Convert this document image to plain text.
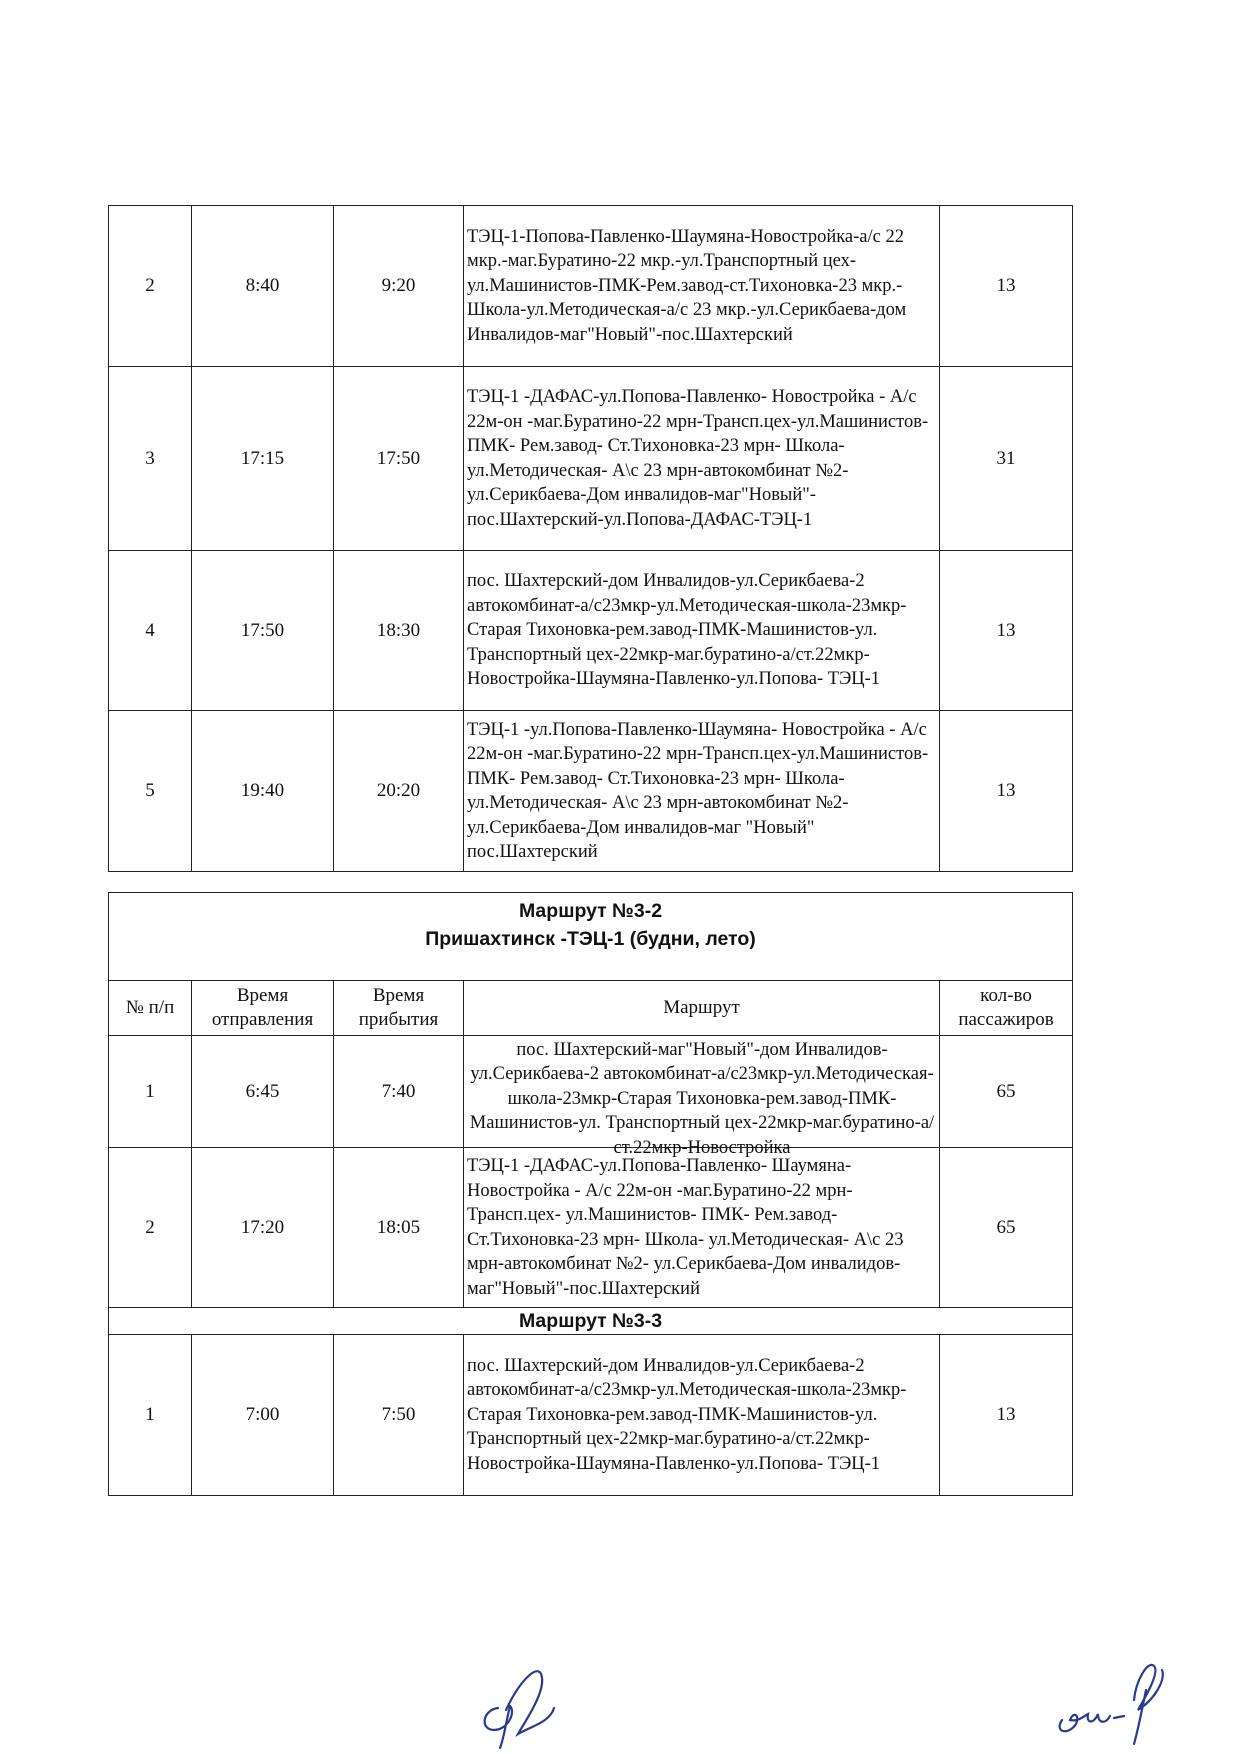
2	8:40	9:20	ТЭЦ-1-Попова-Павленко-Шаумяна-Новостройка-а/с 22 мкр.-маг.Буратино-22 мкр.-ул.Транспортный цех-ул.Машинистов-ПМК-Рем.завод-ст.Тихоновка-23 мкр.-Школа-ул.Методическая-а/с 23 мкр.-ул.Серикбаева-дом Инвалидов-маг"Новый"-пос.Шахтерский	13
3	17:15	17:50	ТЭЦ-1 -ДАФАС-ул.Попова-Павленко- Новостройка - А/с 22м-он -маг.Буратино-22 мрн-Трансп.цех-ул.Машинистов- ПМК- Рем.завод- Ст.Тихоновка-23 мрн- Школа- ул.Методическая- А\с 23 мрн-автокомбинат №2- ул.Серикбаева-Дом инвалидов-маг"Новый"- пос.Шахтерский-ул.Попова-ДАФАС-ТЭЦ-1	31
4	17:50	18:30	пос. Шахтерский-дом Инвалидов-ул.Серикбаева-2 автокомбинат-а/с23мкр-ул.Методическая-школа-23мкр-Старая Тихоновка-рем.завод-ПМК-Машинистов-ул. Транспортный цех-22мкр-маг.буратино-а/ст.22мкр-Новостройка-Шаумяна-Павленко-ул.Попова- ТЭЦ-1	13
5	19:40	20:20	ТЭЦ-1 -ул.Попова-Павленко-Шаумяна- Новостройка - А/с 22м-он -маг.Буратино-22 мрн-Трансп.цех-ул.Машинистов- ПМК- Рем.завод- Ст.Тихоновка-23 мрн- Школа- ул.Методическая- А\с 23 мрн-автокомбинат №2- ул.Серикбаева-Дом инвалидов-маг "Новый" пос.Шахтерский	13
Маршрут №3-2
Пришахтинск -ТЭЦ-1 (будни, лето)				

№ п/п	Время отправления	Время прибытия	Маршрут	кол-во пассажиров
1	6:45	7:40	пос. Шахтерский-маг"Новый"-дом Инвалидов-ул.Серикбаева-2 автокомбинат-а/с23мкр-ул.Методическая-школа-23мкр-Старая Тихоновка-рем.завод-ПМК-Машинистов-ул. Транспортный цех-22мкр-маг.буратино-а/ст.22мкр-Новостройка	65
2	17:20	18:05	ТЭЦ-1 -ДАФАС-ул.Попова-Павленко- Шаумяна-Новостройка - А/с 22м-он -маг.Буратино-22 мрн-Трансп.цех- ул.Машинистов- ПМК- Рем.завод-Ст.Тихоновка-23 мрн- Школа- ул.Методическая- А\с 23 мрн-автокомбинат №2- ул.Серикбаева-Дом инвалидов- маг"Новый"-пос.Шахтерский	65
Маршрут №3-3				
1	7:00	7:50	пос. Шахтерский-дом Инвалидов-ул.Серикбаева-2 автокомбинат-а/с23мкр-ул.Методическая-школа-23мкр-Старая Тихоновка-рем.завод-ПМК-Машинистов-ул. Транспортный цех-22мкр-маг.буратино-а/ст.22мкр-Новостройка-Шаумяна-Павленко-ул.Попова- ТЭЦ-1	13
